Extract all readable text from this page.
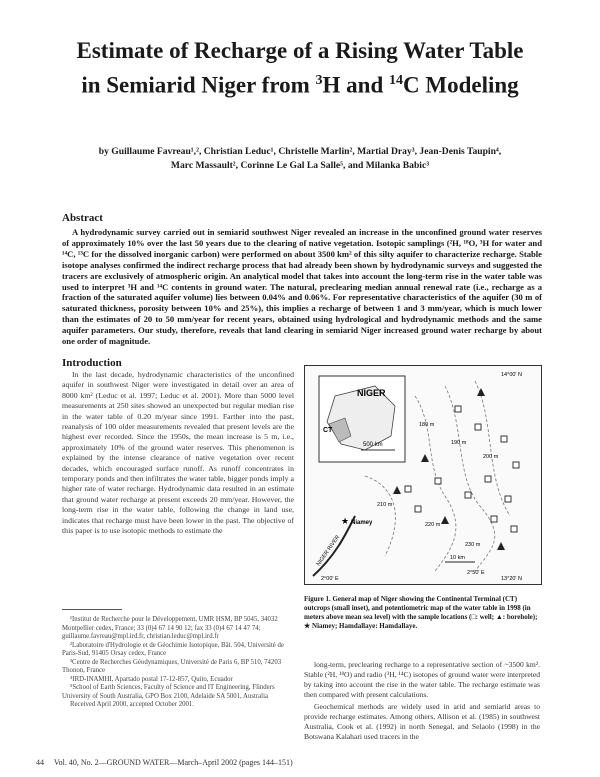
Estimate of Recharge of a Rising Water Table
in Semiarid Niger from $^3$H and $^{14}$C Modeling
by Guillaume Favreau¹,², Christian Leduc¹, Christelle Marlin², Martial Dray³, Jean-Denis Taupin⁴,
Marc Massault², Corinne Le Gal La Salle⁵, and Milanka Babic³
Abstract

A hydrodynamic survey carried out in semiarid southwest Niger revealed an increase in the unconfined ground water reserves of approximately 10% over the last 50 years due to the clearing of native vegetation. Isotopic samplings (²H, ¹⁸O, ³H for water and ¹⁴C, ¹³C for the dissolved inorganic carbon) were performed on about 3500 km² of this silty aquifer to characterize recharge. Stable isotope analyses confirmed the indirect recharge process that had already been shown by hydrodynamic surveys and suggested the tracers are exclusively of atmospheric origin. An analytical model that takes into account the long-term rise in the water table was used to interpret ³H and ¹⁴C contents in ground water. The natural, preclearing median annual renewal rate (i.e., recharge as a fraction of the saturated aquifer volume) lies between 0.04% and 0.06%. For representative characteristics of the aquifer (30 m of saturated thickness, porosity between 10% and 25%), this implies a recharge of between 1 and 3 mm/year, which is much lower than the estimates of 20 to 50 mm/year for recent years, obtained using hydrological and hydrodynamic methods and the same aquifer parameters. Our study, therefore, reveals that land clearing in semiarid Niger increased ground water recharge by about one order of magnitude.

Introduction

In the last decade, hydrodynamic characteristics of the unconfined aquifer in southwest Niger were investigated in detail over an area of 8000 km² (Leduc et al. 1997; Leduc et al. 2001). More than 5000 level measurements at 250 sites showed an unexpected but regular median rise in the water table of 0.20 m/year since 1991. Farther into the past, reanalysis of 100 older measurements revealed that present levels are the highest ever recorded. Since the 1950s, the mean increase is 5 m, i.e., approximately 10% of the ground water reserves. This phenomenon is explained by the intense clearance of native vegetation over recent decades, which encouraged surface runoff. As runoff concentrates in temporary ponds and then infiltrates the water table, bigger ponds imply a higher rate of water recharge. Hydrodynamic data resulted in an estimate that ground water recharge at present exceeds 20 mm/year. However, the long-term rise in the water table, following the change in land use, indicates that recharge must have been lower in the past. The objective of this paper is to use isotopic methods to estimate the

¹Institut de Recherche pour le Développement, UMR HSM, BP 5045, 34032 Montpellier cedex, France; 33 (0)4 67 14 90 12; fax 33 (0)4 67 14 47 74; guillaume.favreau@mpl.ird.fr, christian.leduc@mpl.ird.fr

²Laboratoire d'Hydrologie et de Géochimie Isotopique, Bât. 504, Université de Paris-Sud, 91405 Orsay cedex, France

³Centre de Recherches Géodynamiques, Université de Paris 6, BP 510, 74203 Thonon, France

⁴IRD-INAMHI, Apartado postal 17-12-857, Quito, Ecuador

⁵School of Earth Sciences, Faculty of Science and IT Engineering, Flinders University of South Australia, GPO Box 2100, Adelaide SA 5001, Australia

Received April 2000, accepted October 2001.

NIGER
CT
500 km
180 m
190 m
200 m
210 m
220 m
230 m
NIGER RIVER
★ Niamey
10 km
14°00' N
13°20' N
2°00' E
2°50' E

Figure 1. General map of Niger showing the Continental Terminal (CT) outcrops (small inset), and potentiometric map of the water table in 1998 (in meters above mean sea level) with the sample locations (□: well; ▲: borehole); ★ Niamey; Hamdallaye: Hamdallaye.

long-term, preclearing recharge to a representative section of ~3500 km². Stable (²H, ¹⁸O) and radio (³H, ¹⁴C) isotopes of ground water were interpreted by taking into account the rise in the water table. The recharge estimate was then compared with present calculations.

Geochemical methods are widely used in arid and semiarid areas to provide recharge estimates. Among others, Allison et al. (1985) in southwest Australia, Cook et al. (1992) in north Senegal, and Selaolo (1998) in the Botswana Kalahari used tracers in the

44     Vol. 40, No. 2—GROUND WATER—March–April 2002 (pages 144–151)
